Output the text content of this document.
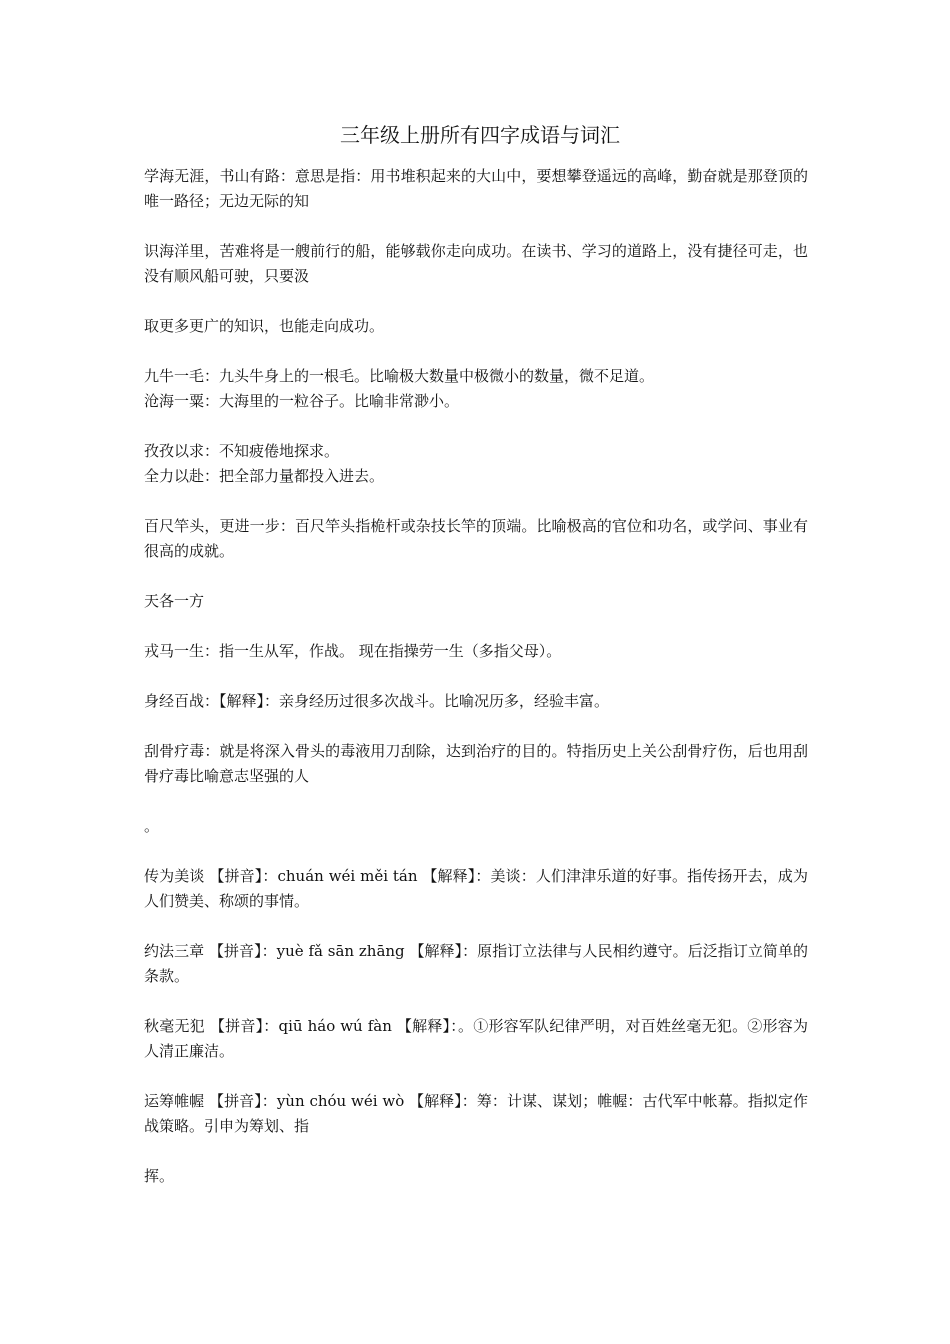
三年级上册所有四字成语与词汇

学海无涯，书山有路：意思是指：用书堆积起来的大山中，要想攀登遥远的高峰，勤奋就是那登顶的唯一路径；无边无际的知

识海洋里，苦难将是一艘前行的船，能够载你走向成功。在读书、学习的道路上，没有捷径可走，也没有顺风船可驶，只要汲

取更多更广的知识，也能走向成功。

九牛一毛：九头牛身上的一根毛。比喻极大数量中极微小的数量，微不足道。

沧海一粟：大海里的一粒谷子。比喻非常渺小。

孜孜以求：不知疲倦地探求。

全力以赴：把全部力量都投入进去。

百尺竿头，更进一步：百尺竿头指桅杆或杂技长竿的顶端。比喻极高的官位和功名，或学问、事业有很高的成就。

天各一方

戎马一生：指一生从军，作战。 现在指操劳一生（多指父母）。

身经百战：【解释】：亲身经历过很多次战斗。比喻况历多，经验丰富。

刮骨疗毒：就是将深入骨头的毒液用刀刮除，达到治疗的目的。特指历史上关公刮骨疗伤，后也用刮骨疗毒比喻意志坚强的人

。

传为美谈 【拼音】：chuán wéi měi tán 【解释】：美谈：人们津津乐道的好事。指传扬开去，成为人们赞美、称颂的事情。

约法三章 【拼音】：yuè fǎ sān zhāng 【解释】：原指订立法律与人民相约遵守。后泛指订立简单的条款。

秋毫无犯 【拼音】：qiū háo wú fàn 【解释】：。①形容军队纪律严明，对百姓丝毫无犯。②形容为人清正廉洁。

运筹帷幄 【拼音】：yùn chóu wéi wò 【解释】：筹：计谋、谋划；帷幄：古代军中帐幕。指拟定作战策略。引申为筹划、指

挥。
